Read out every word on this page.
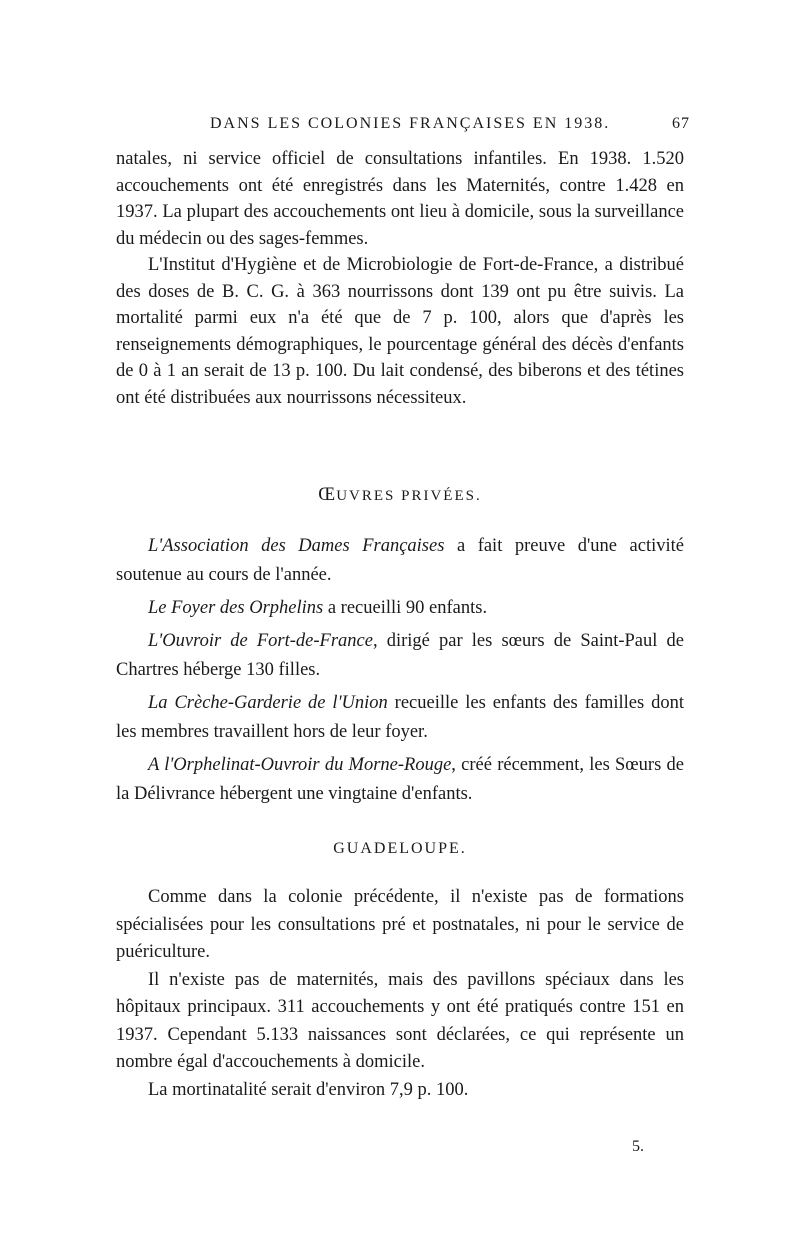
DANS LES COLONIES FRANÇAISES EN 1938.	67

natales, ni service officiel de consultations infantiles. En 1938. 1.520 accouchements ont été enregistrés dans les Maternités, contre 1.428 en 1937. La plupart des accouchements ont lieu à domicile, sous la surveillance du médecin ou des sages-femmes.

L'Institut d'Hygiène et de Microbiologie de Fort-de-France, a distribué des doses de B. C. G. à 363 nourrissons dont 139 ont pu être suivis. La mortalité parmi eux n'a été que de 7 p. 100, alors que d'après les renseignements démographiques, le pourcentage général des décès d'enfants de 0 à 1 an serait de 13 p. 100. Du lait condensé, des biberons et des tétines ont été distribuées aux nourrissons nécessiteux.

ŒUVRES PRIVÉES.

L'Association des Dames Françaises a fait preuve d'une activité soutenue au cours de l'année.

Le Foyer des Orphelins a recueilli 90 enfants.

L'Ouvroir de Fort-de-France, dirigé par les sœurs de Saint-Paul de Chartres héberge 130 filles.

La Crèche-Garderie de l'Union recueille les enfants des familles dont les membres travaillent hors de leur foyer.

A l'Orphelinat-Ouvroir du Morne-Rouge, créé récemment, les Sœurs de la Délivrance hébergent une vingtaine d'enfants.

GUADELOUPE.

Comme dans la colonie précédente, il n'existe pas de formations spécialisées pour les consultations pré et postnatales, ni pour le service de puériculture.

Il n'existe pas de maternités, mais des pavillons spéciaux dans les hôpitaux principaux. 311 accouchements y ont été pratiqués contre 151 en 1937. Cependant 5.133 naissances sont déclarées, ce qui représente un nombre égal d'accouchements à domicile.

La mortinatalité serait d'environ 7,9 p. 100.

5.
